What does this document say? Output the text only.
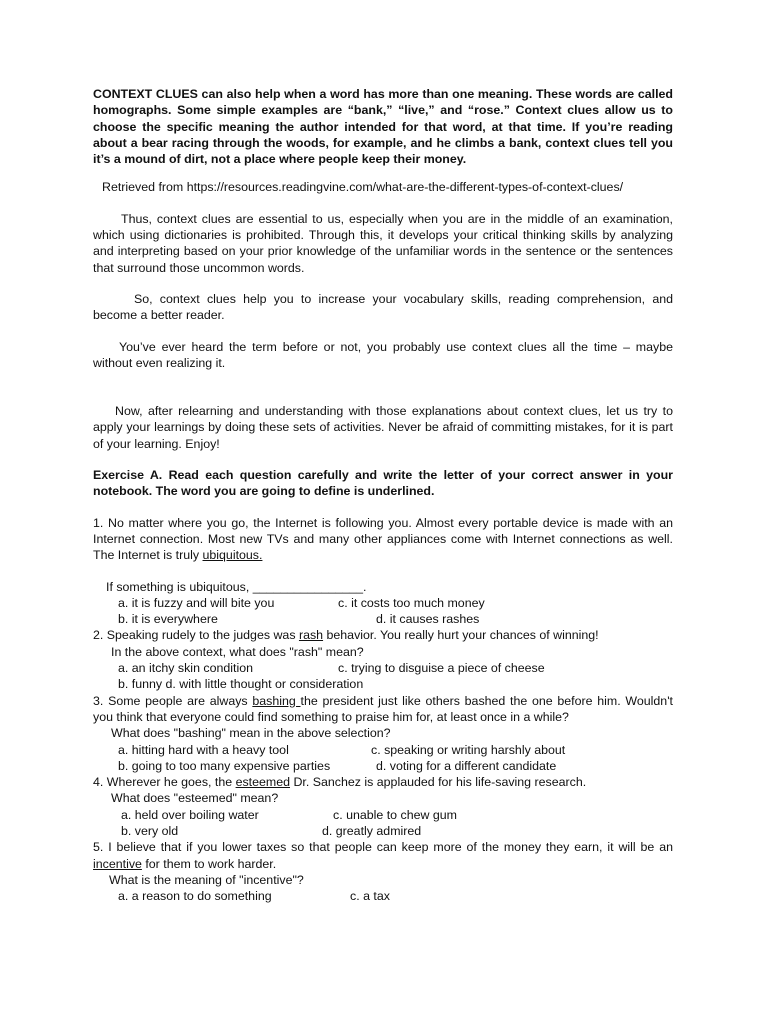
CONTEXT CLUES can also help when a word has more than one meaning. These words are called homographs. Some simple examples are “bank,” “live,” and “rose.” Context clues allow us to choose the specific meaning the author intended for that word, at that time. If you’re reading about a bear racing through the woods, for example, and he climbs a bank, context clues tell you it’s a mound of dirt, not a place where people keep their money.

Retrieved from https://resources.readingvine.com/what-are-the-different-types-of-context-clues/

Thus, context clues are essential to us, especially when you are in the middle of an examination, which using dictionaries is prohibited. Through this, it develops your critical thinking skills by analyzing and interpreting based on your prior knowledge of the unfamiliar words in the sentence or the sentences that surround those uncommon words.

So, context clues help you to increase your vocabulary skills, reading comprehension, and become a better reader.

You’ve ever heard the term before or not, you probably use context clues all the time – maybe without even realizing it.

Now, after relearning and understanding with those explanations about context clues, let us try to apply your learnings by doing these sets of activities. Never be afraid of committing mistakes, for it is part of your learning. Enjoy!

Exercise A. Read each question carefully and write the letter of your correct answer in your notebook. The word you are going to define is underlined.

1. No matter where you go, the Internet is following you. Almost every portable device is made with an Internet connection. Most new TVs and many other appliances come with Internet connections as well. The Internet is truly ubiquitous.

If something is ubiquitous, ________________.

a. it is fuzzy and will bite you	c. it costs too much money
b. it is everywhere	d. it causes rashes

2. Speaking rudely to the judges was rash behavior. You really hurt your chances of winning!

In the above context, what does "rash" mean?

a. an itchy skin condition	c. trying to disguise a piece of cheese
b. funny d. with little thought or consideration

3. Some people are always bashing the president just like others bashed the one before him. Wouldn't you think that everyone could find something to praise him for, at least once in a while?

What does "bashing" mean in the above selection?

a. hitting hard with a heavy tool	c. speaking or writing harshly about
b. going to too many expensive parties	d. voting for a different candidate

4. Wherever he goes, the esteemed Dr. Sanchez is applauded for his life-saving research.

What does "esteemed" mean?

a. held over boiling water	c. unable to chew gum
b. very old	d. greatly admired

5. I believe that if you lower taxes so that people can keep more of the money they earn, it will be an incentive for them to work harder.

What is the meaning of "incentive"?

a. a reason to do something	c. a tax
